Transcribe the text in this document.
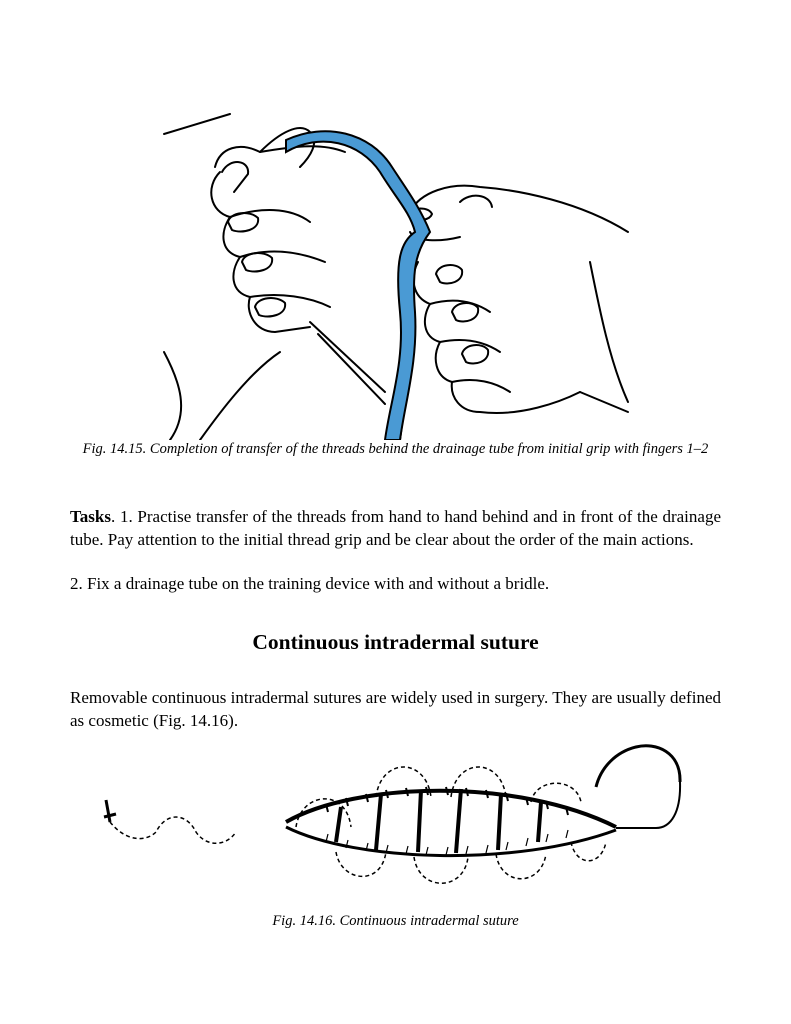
Fig. 14.15. Completion of transfer of the threads behind the drainage tube from initial grip with fingers 1–2

Tasks. 1. Practise transfer of the threads from hand to hand behind and in front of the drainage tube. Pay attention to the initial thread grip and be clear about the order of the main actions.

2. Fix a drainage tube on the training device with and without a bridle.

Continuous intradermal suture

Removable continuous intradermal sutures are widely used in surgery. They are usually defined as cosmetic (Fig. 14.16).

Fig. 14.16. Continuous intradermal suture
